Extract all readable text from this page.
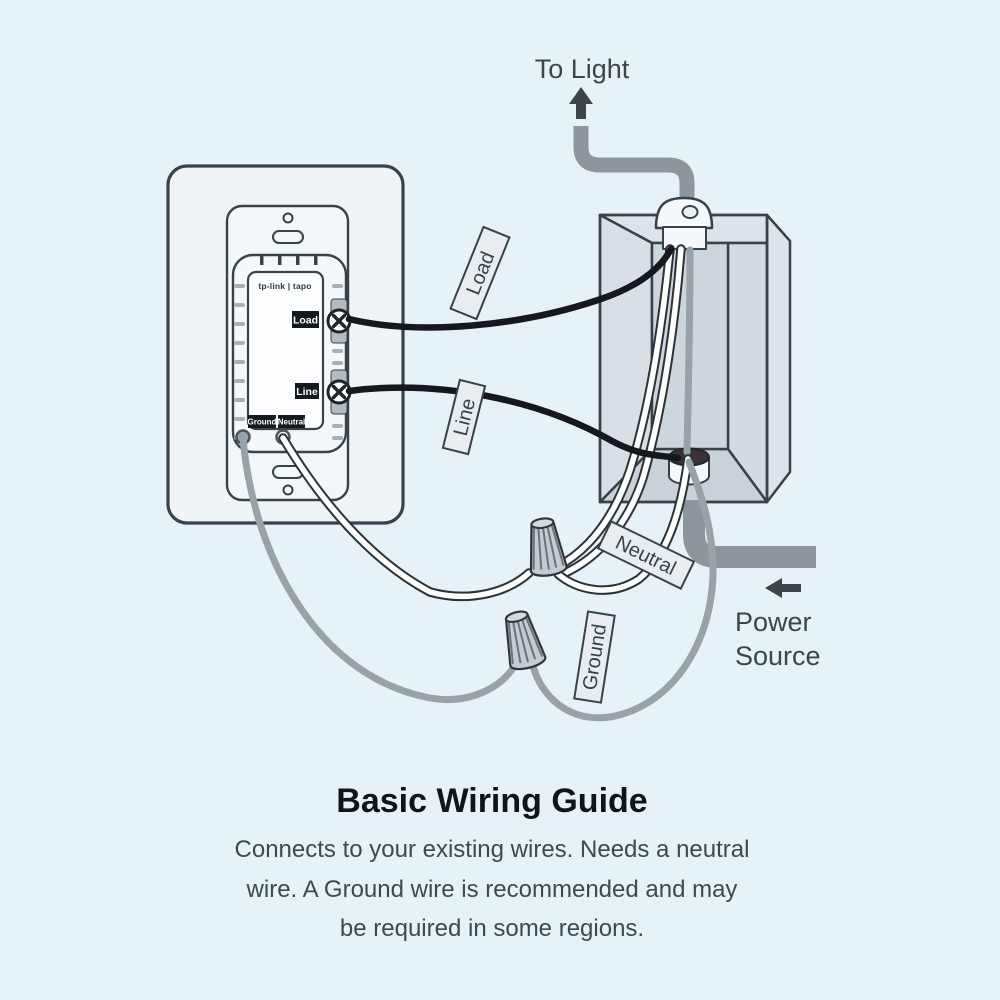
tp-link | tapo
Load
Line
Ground Neutral
Load
Line
Neutral
Ground
To Light
Power
Source
Basic Wiring Guide
Connects to your existing wires. Needs a neutral
wire. A Ground wire is recommended and may
be required in some regions.
